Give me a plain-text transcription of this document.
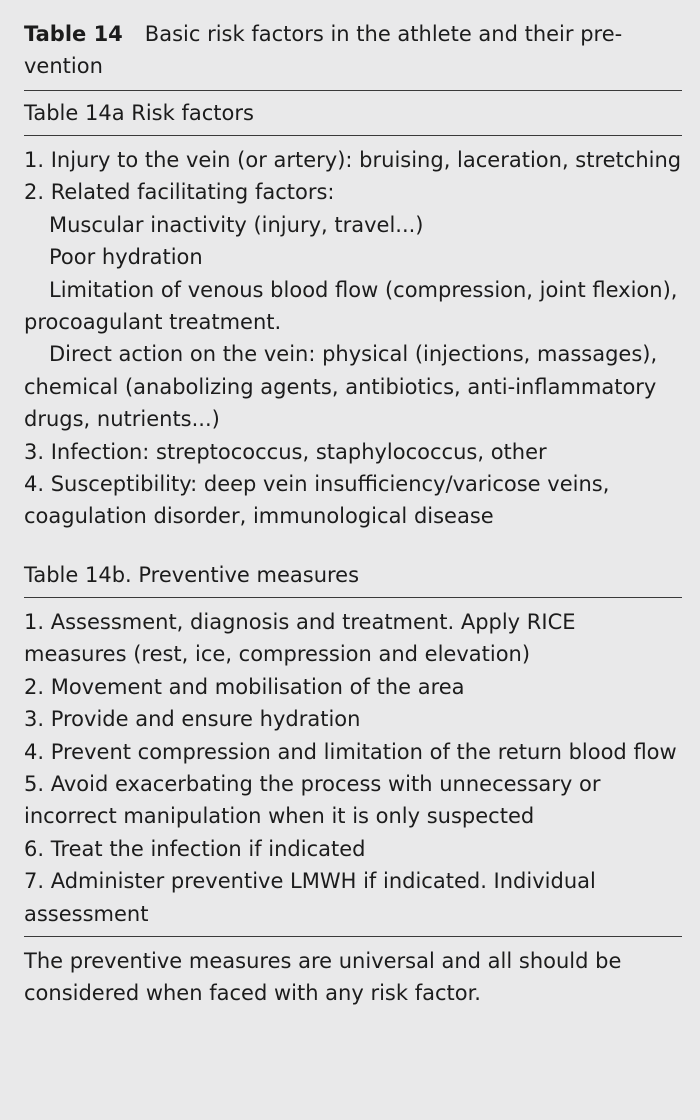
Table 14 Basic risk factors in the athlete and their pre-vention
Table 14a Risk factors
1. Injury to the vein (or artery): bruising, laceration, stretching
2. Related facilitating factors:
Muscular inactivity (injury, travel...)
Poor hydration
Limitation of venous blood flow (compression, joint flexion), procoagulant treatment.
Direct action on the vein: physical (injections, massages), chemical (anabolizing agents, antibiotics, anti-inflammatory drugs, nutrients...)
3. Infection: streptococcus, staphylococcus, other
4. Susceptibility: deep vein insufficiency/varicose veins, coagulation disorder, immunological disease
Table 14b. Preventive measures
1. Assessment, diagnosis and treatment. Apply RICE measures (rest, ice, compression and elevation)
2. Movement and mobilisation of the area
3. Provide and ensure hydration
4. Prevent compression and limitation of the return blood flow
5. Avoid exacerbating the process with unnecessary or incorrect manipulation when it is only suspected
6. Treat the infection if indicated
7. Administer preventive LMWH if indicated. Individual assessment
The preventive measures are universal and all should be considered when faced with any risk factor.
